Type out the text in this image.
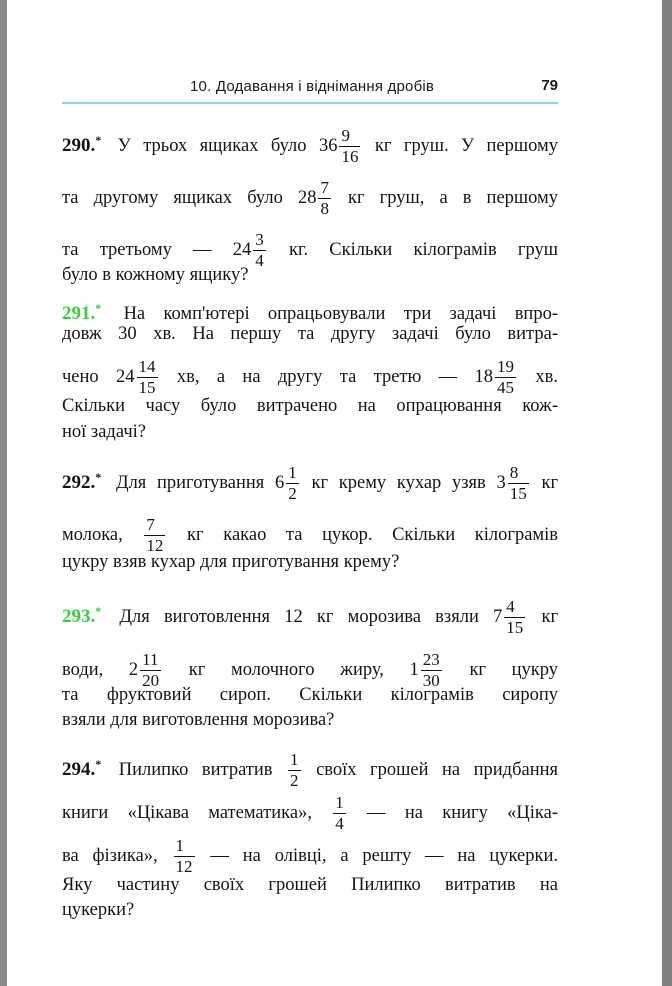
10. Додавання і віднімання дробів	79
290.* У трьох ящиках було $36 \frac{9}{16}$ кг груш. У першому
та другому ящиках було $28 \frac{7}{8}$ кг груш, а в першому
та третьому — $24 \frac{3}{4}$ кг. Скільки кілограмів груш
було в кожному ящику?
291.* На комп'ютері опрацьовували три задачі впро-
довж 30 хв. На першу та другу задачі було витра-
чено $24 \frac{14}{15}$ хв, а на другу та третю — $18 \frac{19}{45}$ хв.
Скільки часу було витрачено на опрацювання кож-
ної задачі?
292.* Для приготування $6 \frac{1}{2}$ кг крему кухар узяв $3 \frac{8}{15}$ кг
молока, $\frac{7}{12}$ кг какао та цукор. Скільки кілограмів
цукру взяв кухар для приготування крему?
293.* Для виготовлення 12 кг морозива взяли $7 \frac{4}{15}$ кг
води, $2 \frac{11}{20}$ кг молочного жиру, $1 \frac{23}{30}$ кг цукру
та фруктовий сироп. Скільки кілограмів сиропу
взяли для виготовлення морозива?
294.* Пилипко витратив $\frac{1}{2}$ своїх грошей на придбання
книги «Цікава математика», $\frac{1}{4}$ — на книгу «Ціка-
ва фізика», $\frac{1}{12}$ — на олівці, а решту — на цукерки.
Яку частину своїх грошей Пилипко витратив на
цукерки?
